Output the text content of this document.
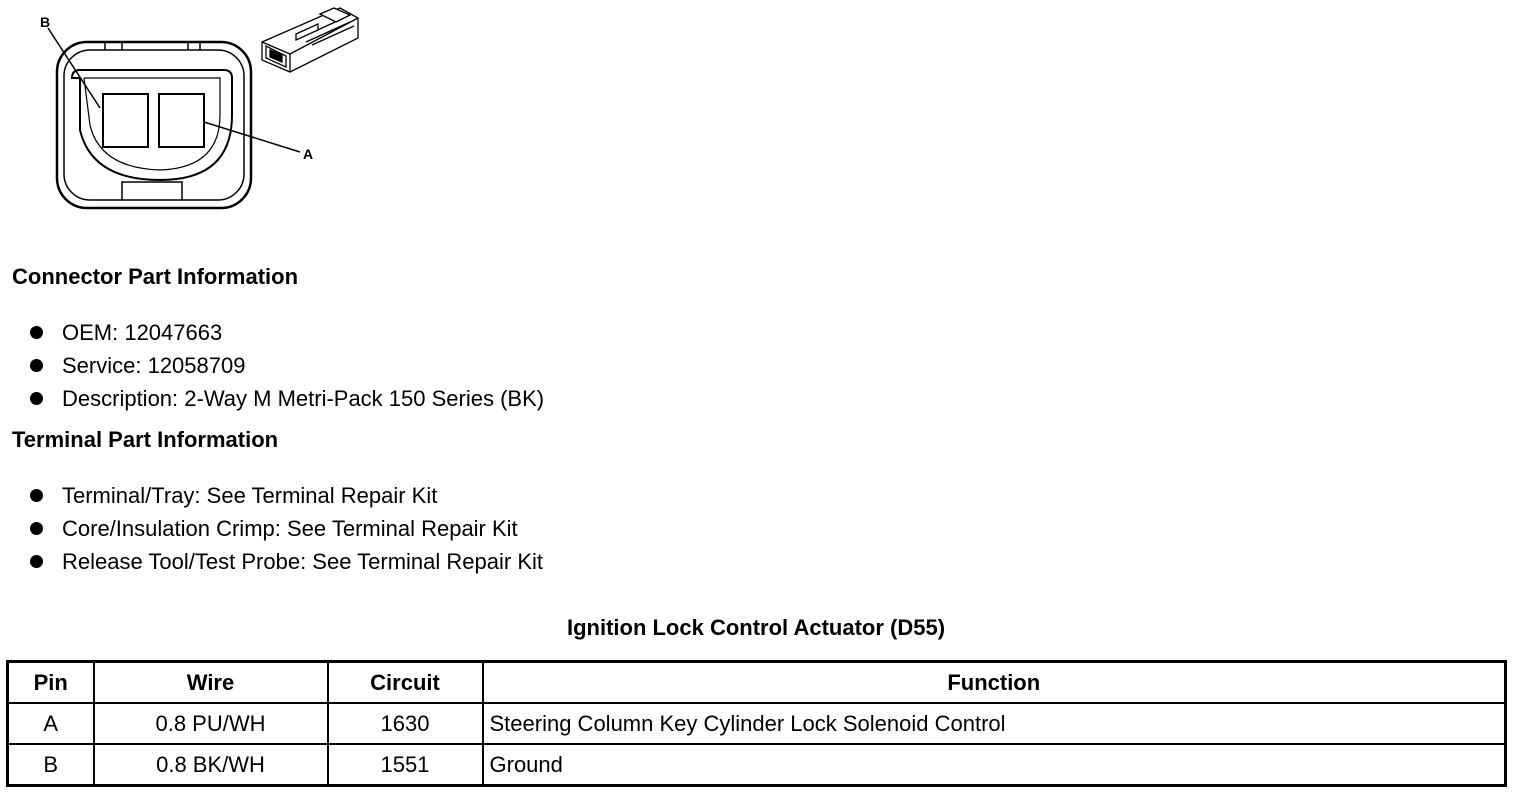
B
A
Connector Part Information
OEM: 12047663
Service: 12058709
Description: 2-Way M Metri-Pack 150 Series (BK)
Terminal Part Information
Terminal/Tray: See Terminal Repair Kit
Core/Insulation Crimp: See Terminal Repair Kit
Release Tool/Test Probe: See Terminal Repair Kit
Ignition Lock Control Actuator (D55)
Pin	Wire	Circuit	Function
A	0.8 PU/WH	1630	Steering Column Key Cylinder Lock Solenoid Control
B	0.8 BK/WH	1551	Ground
